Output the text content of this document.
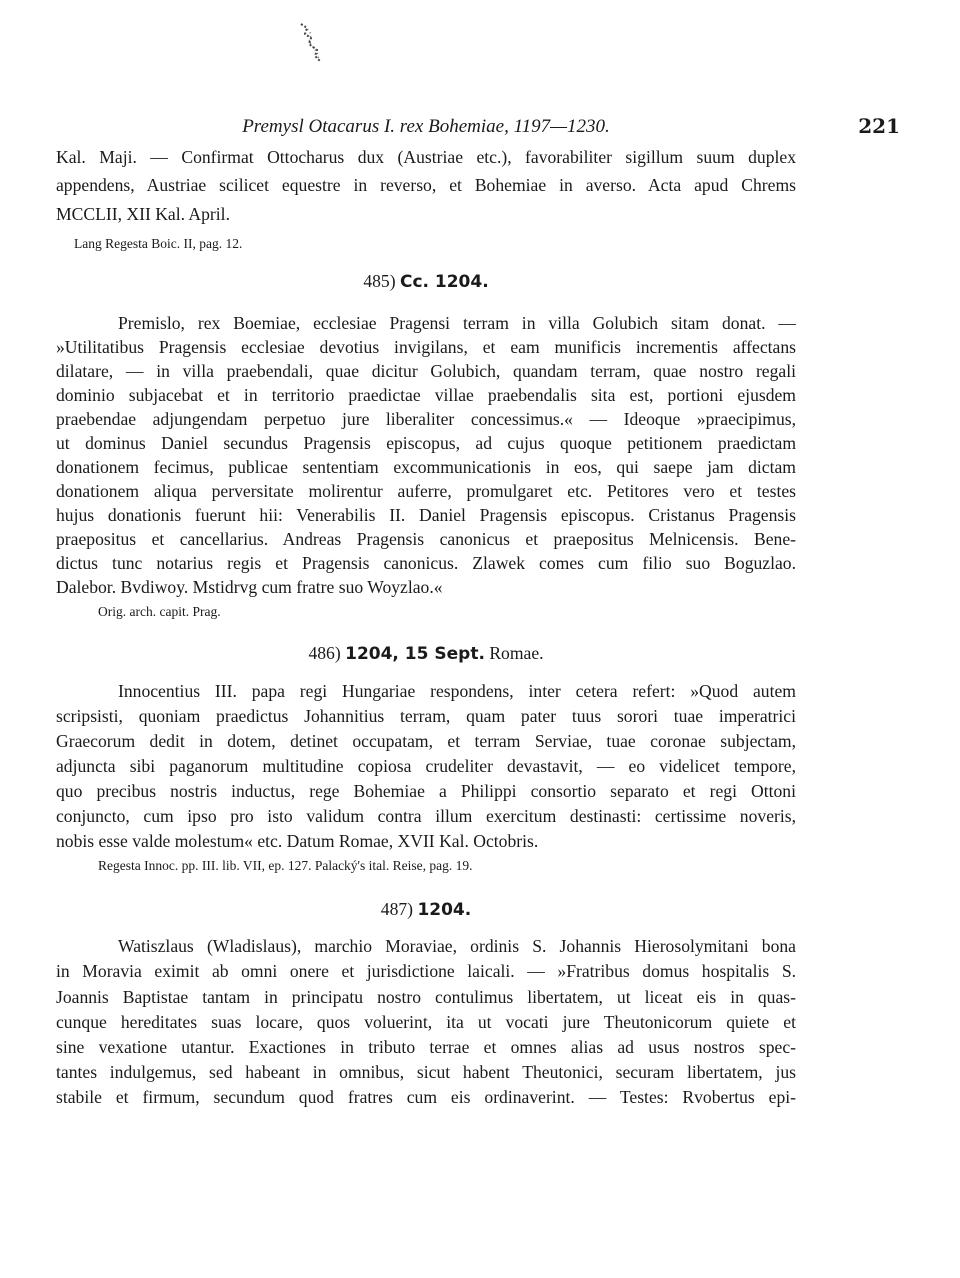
Premysl Otacarus I. rex Bohemiae, 1197—1230.	221
Kal. Maji. — Confirmat Ottocharus dux (Austriae etc.), favorabiliter sigillum suum duplex
appendens, Austriae scilicet equestre in reverso, et Bohemiae in averso. Acta apud Chrems
MCCLII, XII Kal. April.
Lang Regesta Boic. II, pag. 12.
485) Cc. 1204.
Premislo, rex Boemiae, ecclesiae Pragensi terram in villa Golubich sitam donat. —
»Utilitatibus Pragensis ecclesiae devotius invigilans, et eam munificis incrementis affectans
dilatare, — in villa praebendali, quae dicitur Golubich, quandam terram, quae nostro regali
dominio subjacebat et in territorio praedictae villae praebendalis sita est, portioni ejusdem
praebendae adjungendam perpetuo jure liberaliter concessimus.« — Ideoque »praecipimus,
ut dominus Daniel secundus Pragensis episcopus, ad cujus quoque petitionem praedictam
donationem fecimus, publicae sententiam excommunicationis in eos, qui saepe jam dictam
donationem aliqua perversitate molirentur auferre, promulgaret etc. Petitores vero et testes
hujus donationis fuerunt hii: Venerabilis II. Daniel Pragensis episcopus. Cristanus Pragensis
praepositus et cancellarius. Andreas Pragensis canonicus et praepositus Melnicensis. Bene-
dictus tunc notarius regis et Pragensis canonicus. Zlawek comes cum filio suo Boguzlao.
Dalebor. Bvdiwoy. Mstidrvg cum fratre suo Woyzlao.«
Orig. arch. capit. Prag.
486) 1204, 15 Sept. Romae.
Innocentius III. papa regi Hungariae respondens, inter cetera refert: »Quod autem
scripsisti, quoniam praedictus Johannitius terram, quam pater tuus sorori tuae imperatrici
Graecorum dedit in dotem, detinet occupatam, et terram Serviae, tuae coronae subjectam,
adjuncta sibi paganorum multitudine copiosa crudeliter devastavit, — eo videlicet tempore,
quo precibus nostris inductus, rege Bohemiae a Philippi consortio separato et regi Ottoni
conjuncto, cum ipso pro isto validum contra illum exercitum destinasti: certissime noveris,
nobis esse valde molestum« etc. Datum Romae, XVII Kal. Octobris.
Regesta Innoc. pp. III. lib. VII, ep. 127. Palacký's ital. Reise, pag. 19.
487) 1204.
Watiszlaus (Wladislaus), marchio Moraviae, ordinis S. Johannis Hierosolymitani bona
in Moravia eximit ab omni onere et jurisdictione laicali. — »Fratribus domus hospitalis S.
Joannis Baptistae tantam in principatu nostro contulimus libertatem, ut liceat eis in quas-
cunque hereditates suas locare, quos voluerint, ita ut vocati jure Theutonicorum quiete et
sine vexatione utantur. Exactiones in tributo terrae et omnes alias ad usus nostros spec-
tantes indulgemus, sed habeant in omnibus, sicut habent Theutonici, securam libertatem, jus
stabile et firmum, secundum quod fratres cum eis ordinaverint. — Testes: Rvobertus epi-
